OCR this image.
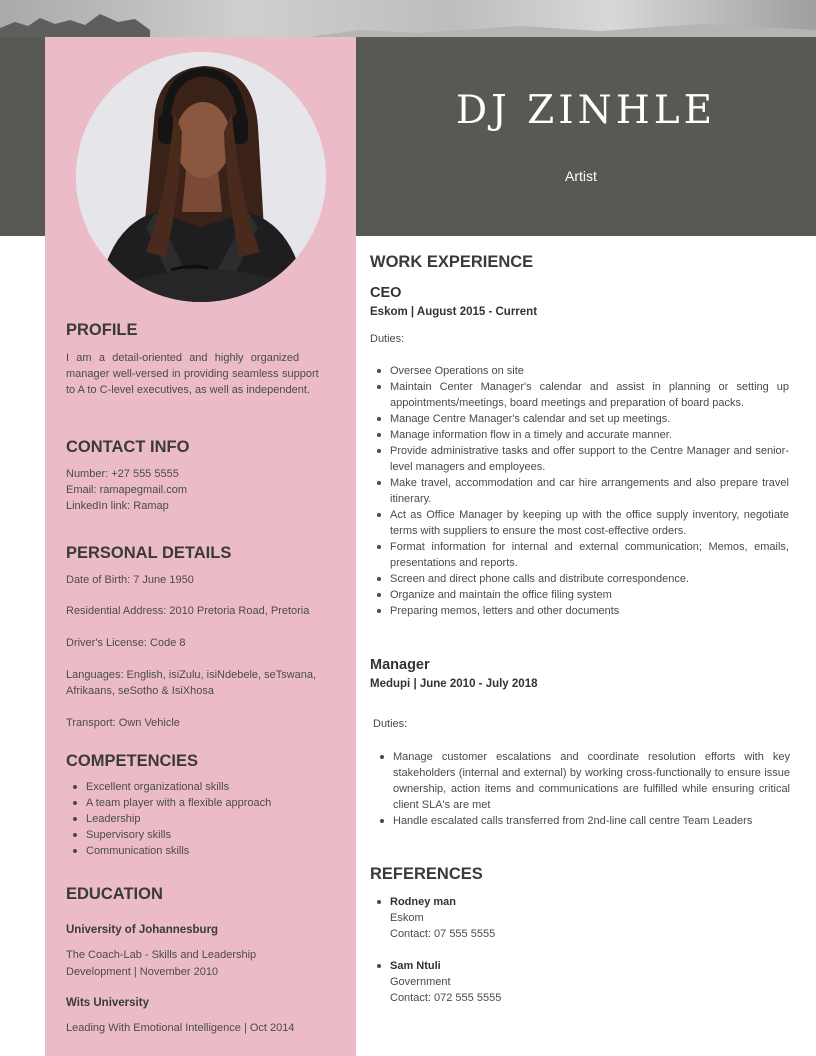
DJ ZINHLE
Artist
PROFILE
I am a detail-oriented and highly organized
manager well-versed in providing seamless support
to A to C-level executives, as well as independent.
CONTACT INFO
Number: +27 555 5555
Email: ramapegmail.com
LinkedIn link: Ramap
PERSONAL DETAILS
Date of Birth: 7 June 1950
Residential Address: 2010 Pretoria Road, Pretoria
Driver's License: Code 8
Languages: English, isiZulu, isiNdebele, seTswana,
Afrikaans, seSotho & IsiXhosa
Transport: Own Vehicle
COMPETENCIES
Excellent organizational skills
A team player with a flexible approach
Leadership
Supervisory skills
Communication skills
EDUCATION
University of Johannesburg
The Coach-Lab - Skills and Leadership
Development | November 2010
Wits University
Leading With Emotional Intelligence | Oct 2014
WORK EXPERIENCE
CEO
Eskom | August 2015 - Current
Duties:
Oversee Operations on site
Maintain Center Manager's calendar and assist in planning or setting up appointments/meetings, board meetings and preparation of board packs.
Manage Centre Manager's calendar and set up meetings.
Manage information flow in a timely and accurate manner.
Provide administrative tasks and offer support to the Centre Manager and senior-level managers and employees.
Make travel, accommodation and car hire arrangements and also prepare travel itinerary.
Act as Office Manager by keeping up with the office supply inventory, negotiate terms with suppliers to ensure the most cost-effective orders.
Format information for internal and external communication; Memos, emails, presentations and reports.
Screen and direct phone calls and distribute correspondence.
Organize and maintain the office filing system
Preparing memos, letters and other documents
Manager
Medupi | June 2010 - July 2018
Duties:
Manage customer escalations and coordinate resolution efforts with key stakeholders (internal and external) by working cross-functionally to ensure issue ownership, action items and communications are fulfilled while ensuring critical client SLA's are met
Handle escalated calls transferred from 2nd-line call centre Team Leaders
REFERENCES
Rodney man
Eskom
Contact: 07 555 5555
Sam Ntuli
Government
Contact: 072 555 5555
